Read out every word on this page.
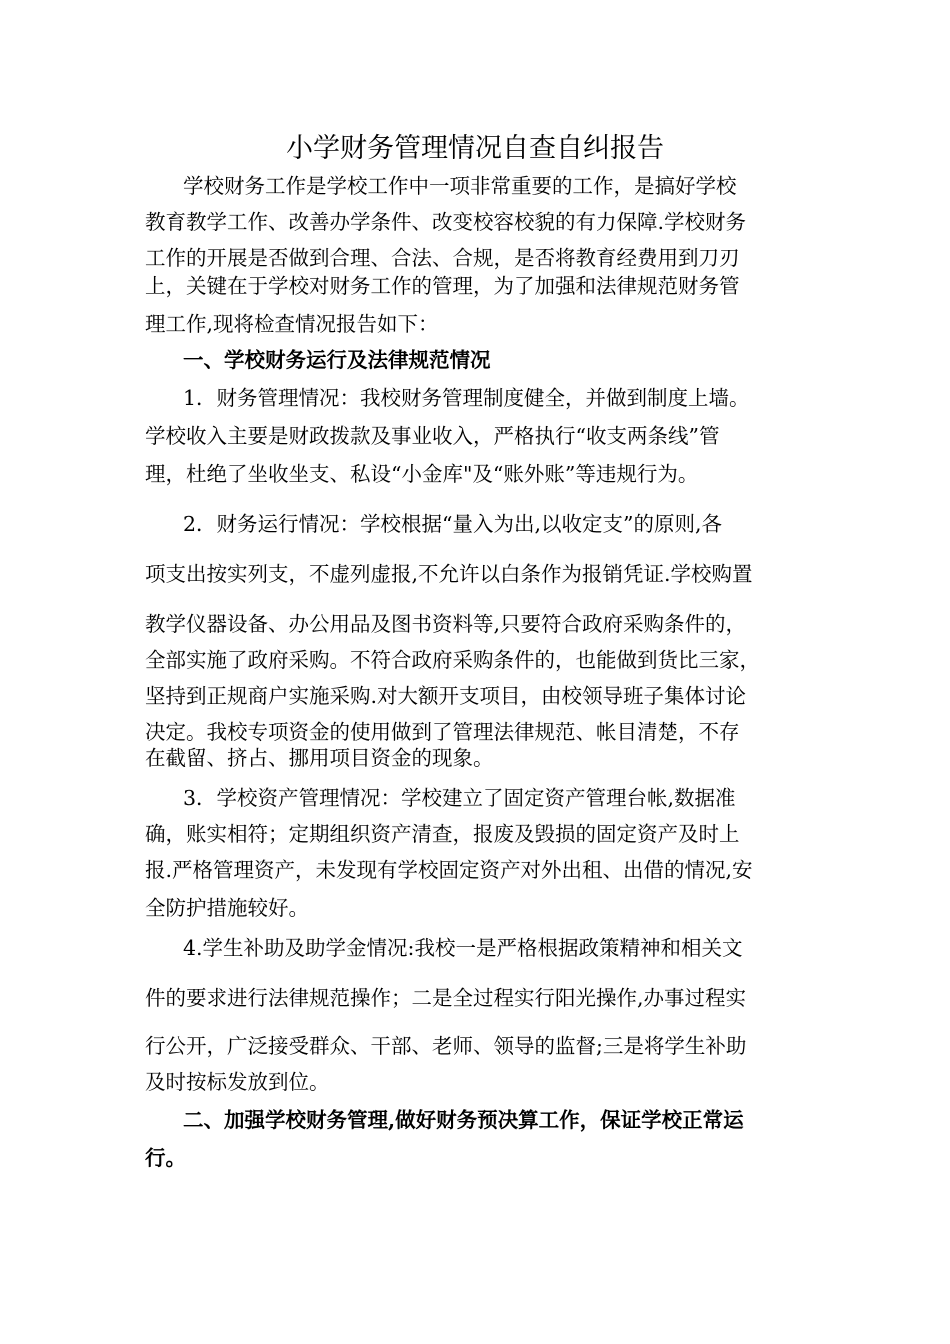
小学财务管理情况自查自纠报告
学校财务工作是学校工作中一项非常重要的工作，是搞好学校
教育教学工作、改善办学条件、改变校容校貌的有力保障.学校财务
工作的开展是否做到合理、合法、合规，是否将教育经费用到刀刃
上，关键在于学校对财务工作的管理，为了加强和法律规范财务管
理工作,现将检查情况报告如下：
一、学校财务运行及法律规范情况
1．财务管理情况：我校财务管理制度健全，并做到制度上墙。
学校收入主要是财政拨款及事业收入，严格执行“收支两条线”管
理，杜绝了坐收坐支、私设“小金库"及“账外账”等违规行为。
2．财务运行情况：学校根据“量入为出,以收定支”的原则,各
项支出按实列支，不虚列虚报,不允许以白条作为报销凭证.学校购置
教学仪器设备、办公用品及图书资料等,只要符合政府采购条件的，
全部实施了政府采购。不符合政府采购条件的，也能做到货比三家，
坚持到正规商户实施采购.对大额开支项目，由校领导班子集体讨论
决定。我校专项资金的使用做到了管理法律规范、帐目清楚，不存
在截留、挤占、挪用项目资金的现象。
3．学校资产管理情况：学校建立了固定资产管理台帐,数据准
确，账实相符；定期组织资产清查，报废及毁损的固定资产及时上
报.严格管理资产，未发现有学校固定资产对外出租、出借的情况,安
全防护措施较好。
4.学生补助及助学金情况:我校一是严格根据政策精神和相关文
件的要求进行法律规范操作；二是全过程实行阳光操作,办事过程实
行公开，广泛接受群众、干部、老师、领导的监督;三是将学生补助
及时按标发放到位。
二、加强学校财务管理,做好财务预决算工作，保证学校正常运
行。
